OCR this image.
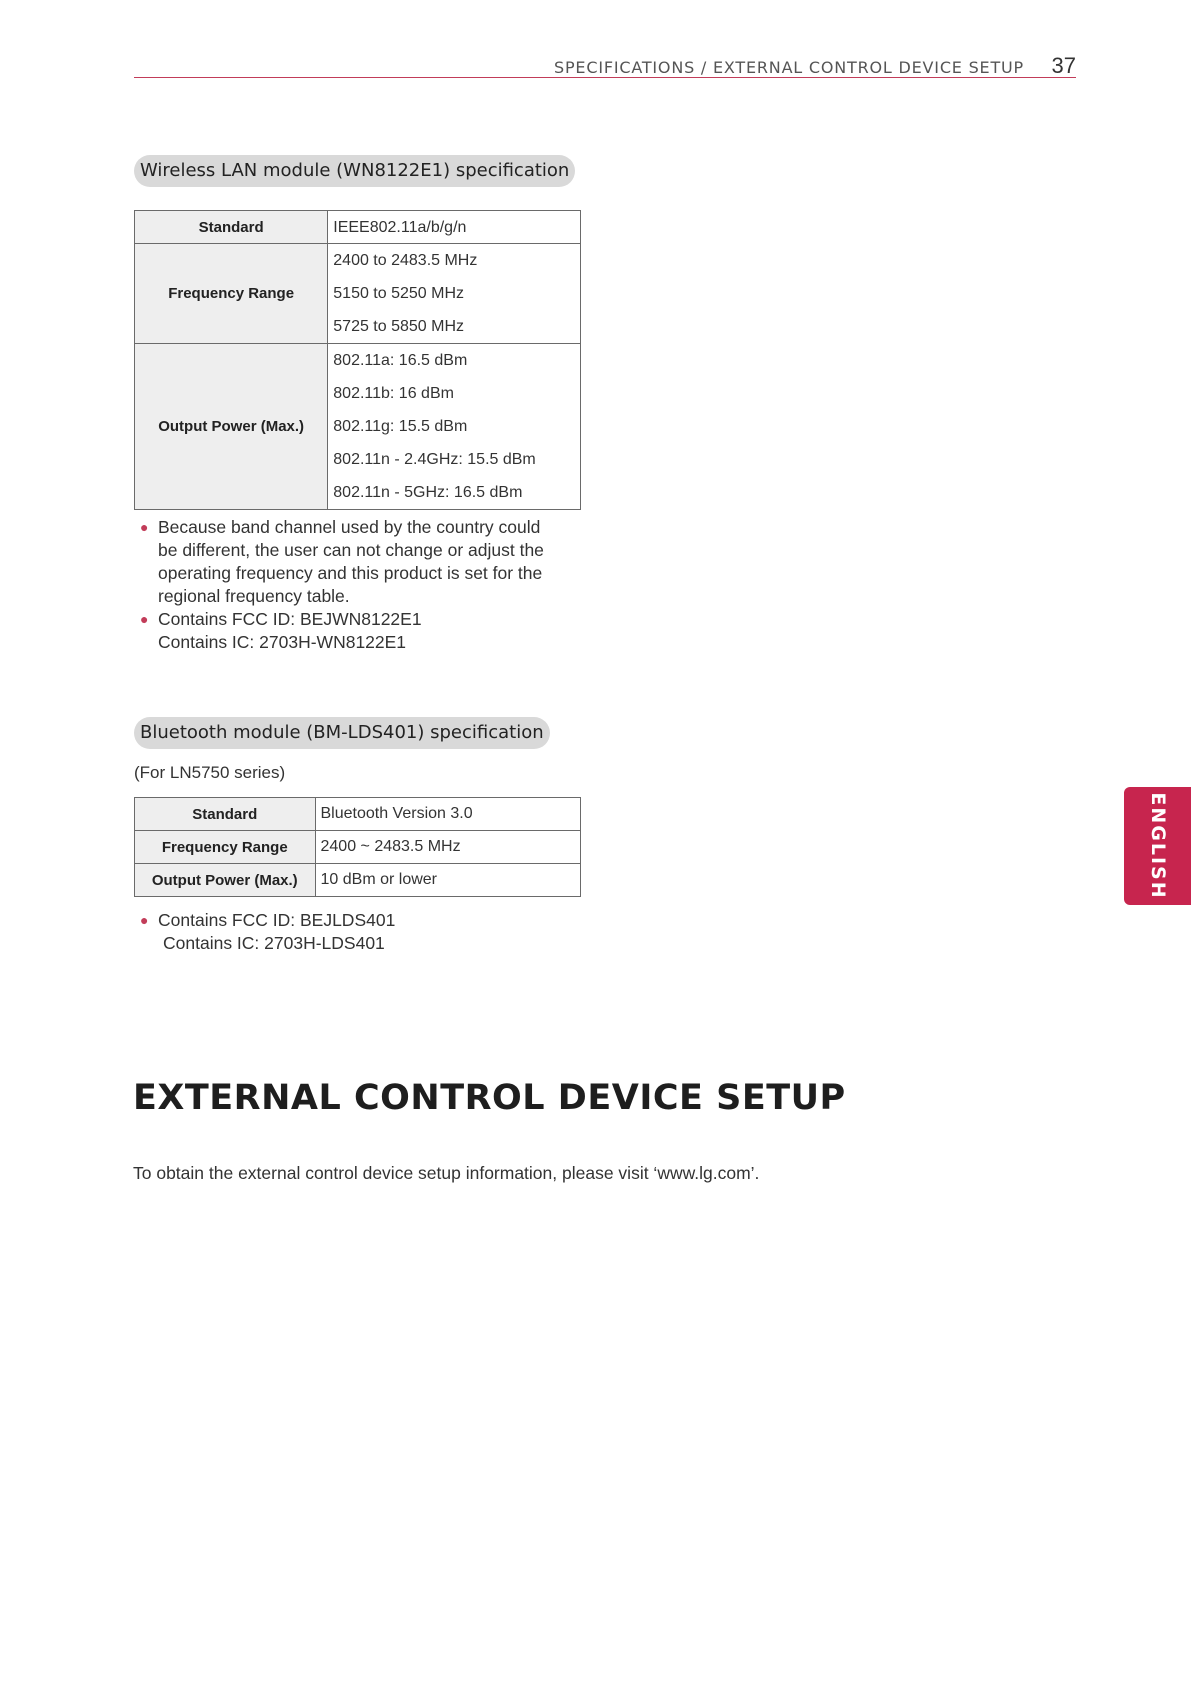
SPECIFICATIONS / EXTERNAL CONTROL DEVICE SETUP 37
Wireless LAN module (WN8122E1) specification
Standard	IEEE802.11a/b/g/n

Frequency Range	2400 to 2483.5 MHz
5150 to 5250 MHz
5725 to 5850 MHz

Output Power (Max.)	802.11a: 16.5 dBm
802.11b: 16 dBm
802.11g: 15.5 dBm
802.11n - 2.4GHz: 15.5 dBm
802.11n - 5GHz: 16.5 dBm
● Because band channel used by the country could
be different, the user can not change or adjust the
operating frequency and this product is set for the
regional frequency table.
● Contains FCC ID: BEJWN8122E1
Contains IC: 2703H-WN8122E1
Bluetooth module (BM-LDS401) specification
(For LN5750 series)
Standard	Bluetooth Version 3.0

Frequency Range	2400 ~ 2483.5 MHz

Output Power (Max.)	10 dBm or lower
● Contains FCC ID: BEJLDS401
Contains IC: 2703H-LDS401
EXTERNAL CONTROL DEVICE SETUP
To obtain the external control device setup information, please visit ‘www.lg.com’.
ENGLISH
